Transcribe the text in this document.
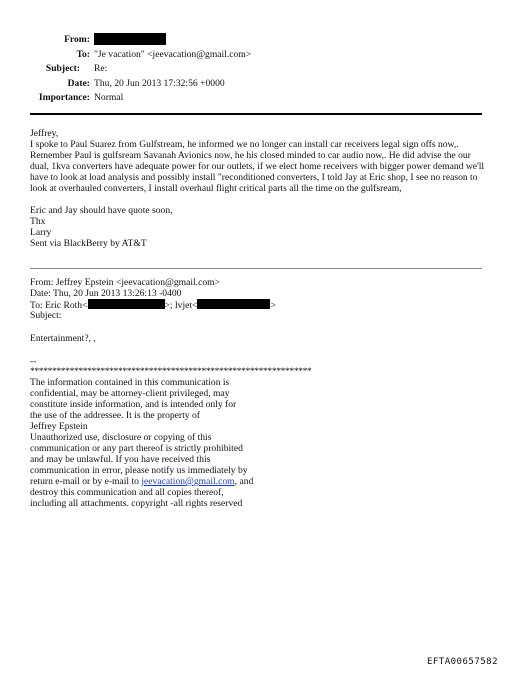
From:
To: "Je vacation" <jeevacation@gmail.com>
Subject: Re:
Date: Thu, 20 Jun 2013 17:32:56 +0000
Importance: Normal

Jeffrey,

I spoke to Paul Suarez from Gulfstream, he informed we no longer can install car receivers legal sign offs now,. Remember Paul is gulfsream Savanah Avionics now, he his closed minded to car audio now,. He did advise the our dual, 1kva converters have adequate power for our outlets, if we elect home receivers with bigger power demand we'll have to look at load analysis and possibly install "reconditioned converters, I told Jay at Eric shop, I see no reason to look at overhauled converters, I install overhaul flight critical parts all the time on the gulfsream,

Eric and Jay should have quote soon,

Thx

Larry

Sent via BlackBerry by AT&T

From: Jeffrey Epstein <jeevacation@gmail.com>
Date: Thu, 20 Jun 2013 13:26:13 -0400
To: Eric Roth<	>; lvjet<	>
Subject:
Entertainment?, ,
--
****************************************************************

The information contained in this communication is

confidential, may be attorney-client privileged, may

constitute inside information, and is intended only for

the use of the addressee. It is the property of

Jeffrey Epstein

Unauthorized use, disclosure or copying of this

communication or any part thereof is strictly prohibited

and may be unlawful. If you have received this

communication in error, please notify us immediately by

return e-mail or by e-mail to jeevacation@gmail.com, and

destroy this communication and all copies thereof,

including all attachments. copyright -all rights reserved

EFTA00657582
